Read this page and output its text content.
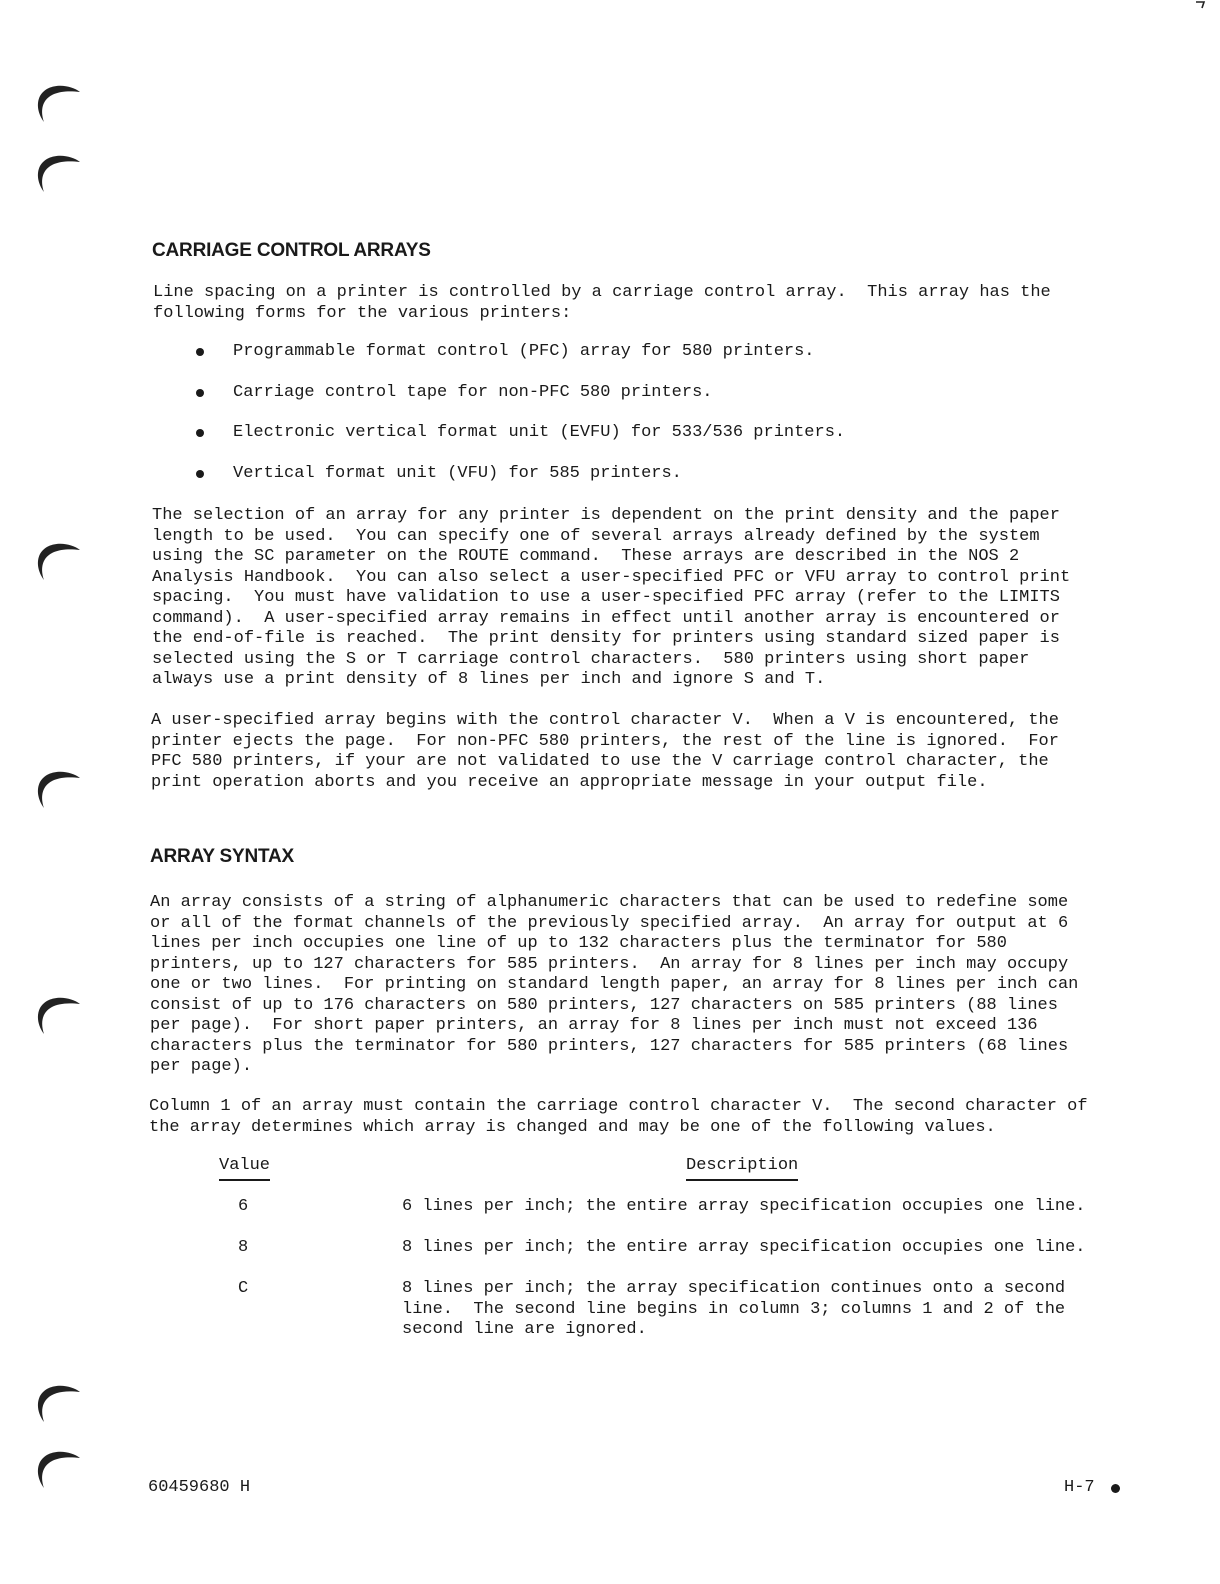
CARRIAGE CONTROL ARRAYS

Line spacing on a printer is controlled by a carriage control array.  This array has the
following forms for the various printers:

Programmable format control (PFC) array for 580 printers.
Carriage control tape for non-PFC 580 printers.
Electronic vertical format unit (EVFU) for 533/536 printers.
Vertical format unit (VFU) for 585 printers.

The selection of an array for any printer is dependent on the print density and the paper
length to be used.  You can specify one of several arrays already defined by the system
using the SC parameter on the ROUTE command.  These arrays are described in the NOS 2
Analysis Handbook.  You can also select a user-specified PFC or VFU array to control print
spacing.  You must have validation to use a user-specified PFC array (refer to the LIMITS
command).  A user-specified array remains in effect until another array is encountered or
the end-of-file is reached.  The print density for printers using standard sized paper is
selected using the S or T carriage control characters.  580 printers using short paper
always use a print density of 8 lines per inch and ignore S and T.

A user-specified array begins with the control character V.  When a V is encountered, the
printer ejects the page.  For non-PFC 580 printers, the rest of the line is ignored.  For
PFC 580 printers, if your are not validated to use the V carriage control character, the
print operation aborts and you receive an appropriate message in your output file.

ARRAY SYNTAX

An array consists of a string of alphanumeric characters that can be used to redefine some
or all of the format channels of the previously specified array.  An array for output at 6
lines per inch occupies one line of up to 132 characters plus the terminator for 580
printers, up to 127 characters for 585 printers.  An array for 8 lines per inch may occupy
one or two lines.  For printing on standard length paper, an array for 8 lines per inch can
consist of up to 176 characters on 580 printers, 127 characters on 585 printers (88 lines
per page).  For short paper printers, an array for 8 lines per inch must not exceed 136
characters plus the terminator for 580 printers, 127 characters for 585 printers (68 lines
per page).

Column 1 of an array must contain the carriage control character V.  The second character of
the array determines which array is changed and may be one of the following values.

Value	Description
6	6 lines per inch; the entire array specification occupies one line.
8	8 lines per inch; the entire array specification occupies one line.
C	8 lines per inch; the array specification continues onto a second
line.  The second line begins in column 3; columns 1 and 2 of the
second line are ignored.
60459680 H	H-7
